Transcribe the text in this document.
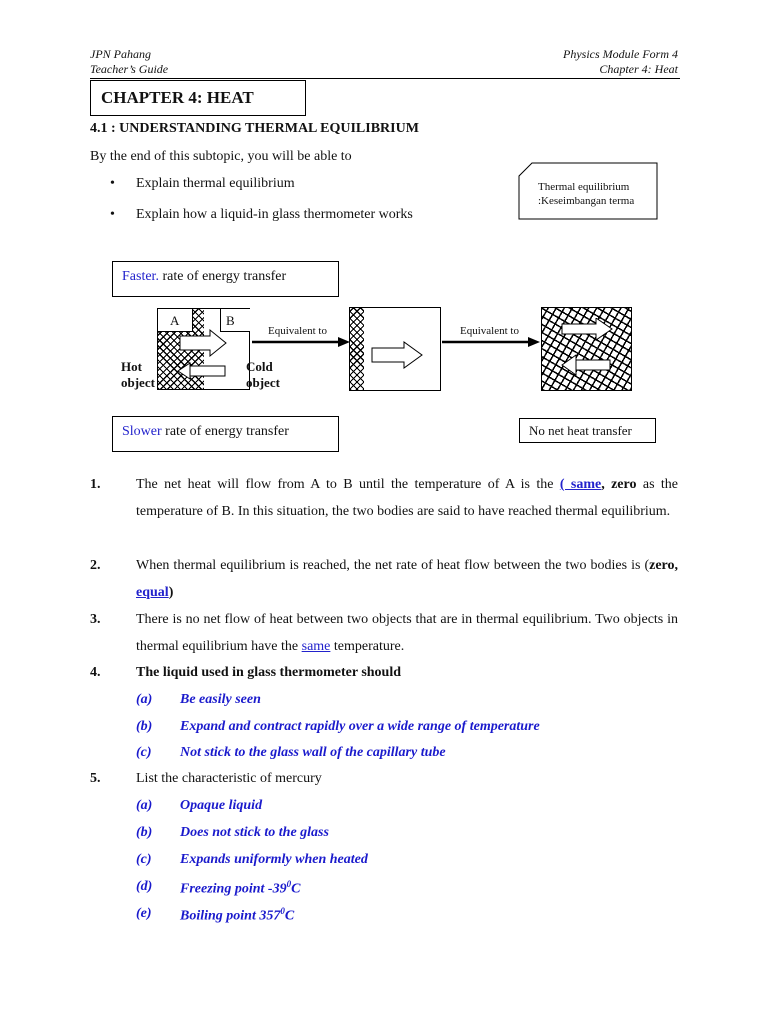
JPN Pahang
Teacher’s Guide
Physics Module Form 4
Chapter 4: Heat
CHAPTER 4: HEAT
4.1 : UNDERSTANDING THERMAL EQUILIBRIUM
By the end of this subtopic, you will be able to
• Explain thermal equilibrium
• Explain how a liquid-in glass thermometer works
Thermal equilibrium
:Keseimbangan terma
Faster. rate of energy transfer
A	B
Hot
object
Cold
object
Equivalent to	Equivalent to
Slower rate of energy transfer	No net heat transfer
1.	The net heat will flow from A to B until the temperature of A is the ( same, zero as the temperature of B. In this situation, the two bodies are said to have reached thermal equilibrium.
2.	When thermal equilibrium is reached, the net rate of heat flow between the two bodies is (zero, equal)
3.	There is no net flow of heat between two objects that are in thermal equilibrium. Two objects in thermal equilibrium have the same temperature.
4.	The liquid used in glass thermometer should
(a) Be easily seen
(b) Expand and contract rapidly over a wide range of temperature
(c) Not stick to the glass wall of the capillary tube
5.	List the characteristic of mercury
(a) Opaque liquid
(b) Does not stick to the glass
(c) Expands uniformly when heated
(d) Freezing point $-39^0C$
(e) Boiling point $357^0C$
